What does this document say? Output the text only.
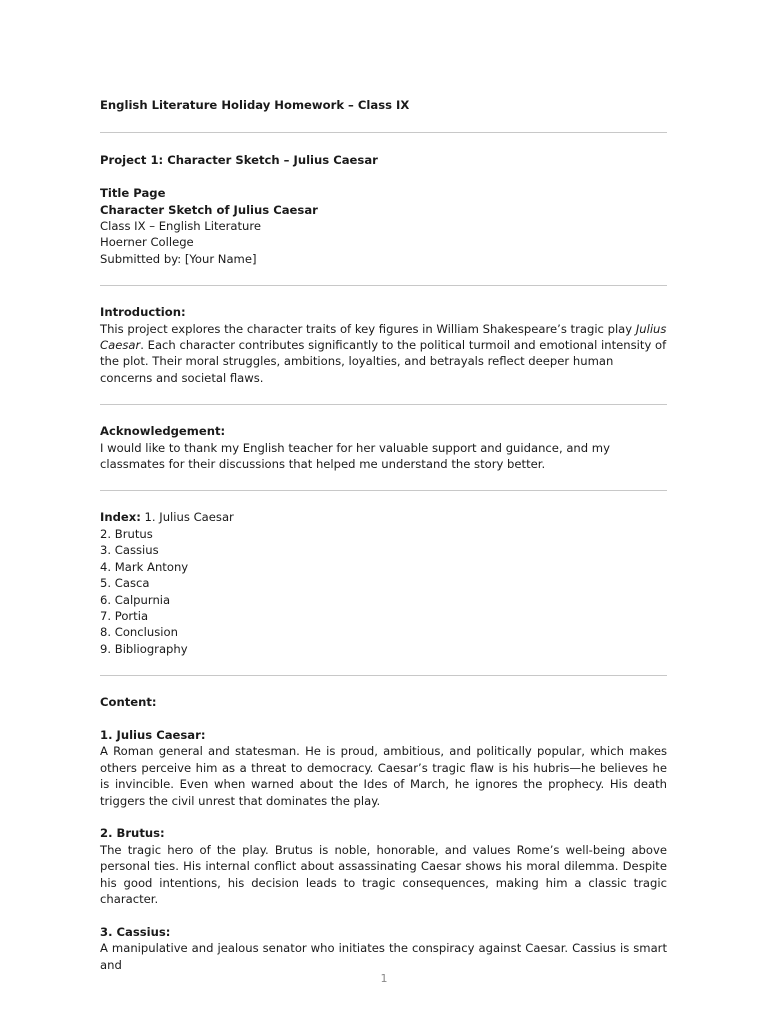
English Literature Holiday Homework – Class IX
Project 1: Character Sketch – Julius Caesar
Title Page
Character Sketch of Julius Caesar
Class IX – English Literature
Hoerner College
Submitted by: [Your Name]
Introduction:
This project explores the character traits of key figures in William Shakespeare’s tragic play Julius Caesar. Each character contributes significantly to the political turmoil and emotional intensity of the plot. Their moral struggles, ambitions, loyalties, and betrayals reflect deeper human concerns and societal flaws.
Acknowledgement:
I would like to thank my English teacher for her valuable support and guidance, and my classmates for their discussions that helped me understand the story better.
Index: 1. Julius Caesar
2. Brutus
3. Cassius
4. Mark Antony
5. Casca
6. Calpurnia
7. Portia
8. Conclusion
9. Bibliography
Content:
1. Julius Caesar:
A Roman general and statesman. He is proud, ambitious, and politically popular, which makes others perceive him as a threat to democracy. Caesar’s tragic flaw is his hubris—he believes he is invincible. Even when warned about the Ides of March, he ignores the prophecy. His death triggers the civil unrest that dominates the play.
2. Brutus:
The tragic hero of the play. Brutus is noble, honorable, and values Rome’s well-being above personal ties. His internal conflict about assassinating Caesar shows his moral dilemma. Despite his good intentions, his decision leads to tragic consequences, making him a classic tragic character.
3. Cassius:
A manipulative and jealous senator who initiates the conspiracy against Caesar. Cassius is smart and
1
